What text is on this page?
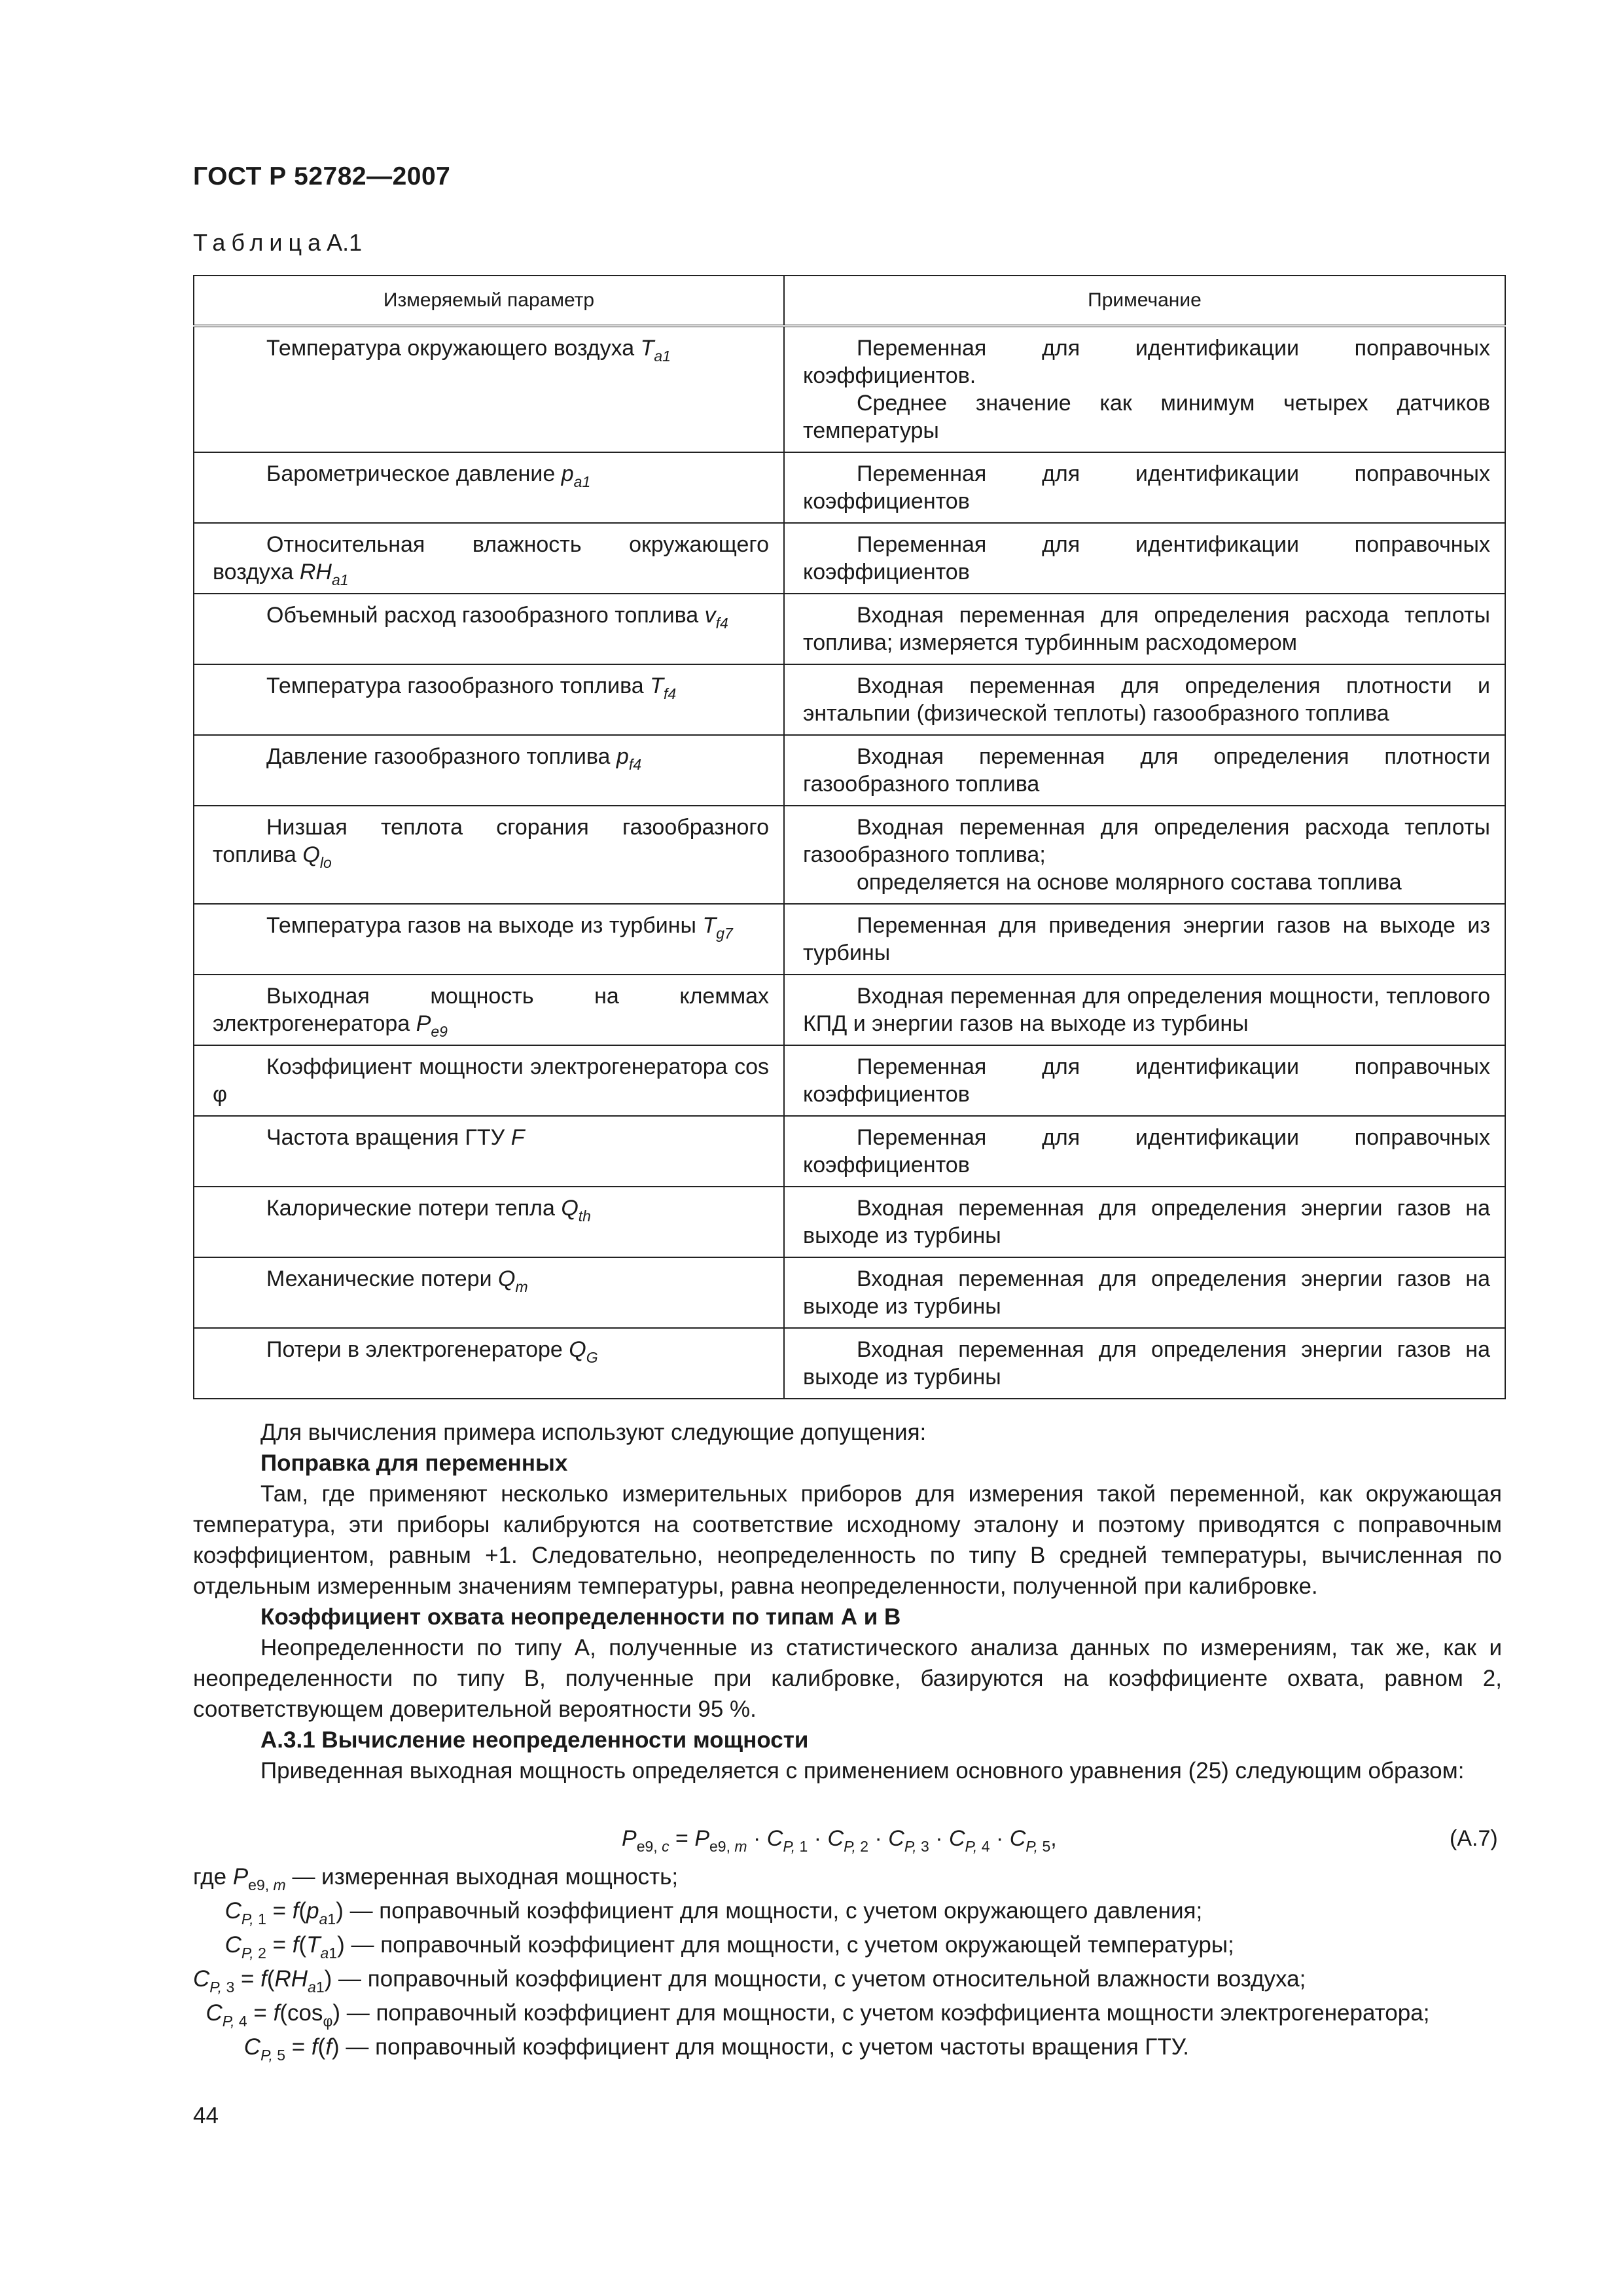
ГОСТ Р 52782—2007
ТаблицаА.1
Измеряемый параметр	Примечание

Температура окружающего воздуха $T_{a1}$	Переменная для идентификации поправочных коэффициентов.
Среднее значение как минимум четырех датчиков температуры

Барометрическое давление $p_{a1}$	Переменная для идентификации поправочных коэффициентов

Относительная влажность окружающего воздуха $RH_{a1}$	Переменная для идентификации поправочных коэффициентов

Объемный расход газообразного топлива $v_{f4}$	Входная переменная для определения расхода теплоты топлива; измеряется турбинным расходомером

Температура газообразного топлива $T_{f4}$	Входная переменная для определения плотности и энтальпии (физической теплоты) газообразного топлива

Давление газообразного топлива $p_{f4}$	Входная переменная для определения плотности газообразного топлива

Низшая теплота сгорания газообразного топлива $Q_{lo}$	Входная переменная для определения расхода теплоты газообразного топлива;
определяется на основе молярного состава топлива

Температура газов на выходе из турбины $T_{g7}$	Переменная для приведения энергии газов на выходе из турбины

Выходная мощность на клеммах электрогенератора $P_{e9}$	Входная переменная для определения мощности, теплового КПД и энергии газов на выходе из турбины

Коэффициент мощности электрогенератора cos φ	Переменная для идентификации поправочных коэффициентов

Частота вращения ГТУ F	Переменная для идентификации поправочных коэффициентов

Калорические потери тепла $Q_{th}$	Входная переменная для определения энергии газов на выходе из турбины

Механические потери $Q_m$	Входная переменная для определения энергии газов на выходе из турбины

Потери в электрогенераторе $Q_G$	Входная переменная для определения энергии газов на выходе из турбины

Для вычисления примера используют следующие допущения:

Поправка для переменных

Там, где применяют несколько измерительных приборов для измерения такой переменной, как окружающая температура, эти приборы калибруются на соответствие исходному эталону и поэтому приводятся с поправочным коэффициентом, равным +1. Следовательно, неопределенность по типу В средней температуры, вычисленная по отдельным измеренным значениям температуры, равна неопределенности, полученной при калибровке.

Коэффициент охвата неопределенности по типам А и В

Неопределенности по типу А, полученные из статистического анализа данных по измерениям, так же, как и неопределенности по типу В, полученные при калибровке, базируются на коэффициенте охвата, равном 2, соответствующем доверительной вероятности 95 %.

А.3.1 Вычисление неопределенности мощности

Приведенная выходная мощность определяется с применением основного уравнения (25) следующим образом:

$P_{e9, c} = P_{e9, m} \cdot C_{P,}$ $_1 \cdot C_{P,}$ $_2 \cdot C_{P,}$ $_3 \cdot C_{P,}$ $_4 \cdot C_{P,}$ $_5$,	(А.7)
где $P_{e9, m}$ — измеренная выходная мощность;
$C_{P,}$ $_1 = f(p_{a1})$ — поправочный коэффициент для мощности, с учетом окружающего давления;
$C_{P,}$ $_2 = f(T_{a1})$ — поправочный коэффициент для мощности, с учетом окружающей температуры;
$C_{P,}$ $_3 = f(RH_{a1})$ — поправочный коэффициент для мощности, с учетом относительной влажности воздуха;
$C_{P,}$ $_4 = f(\cos_\varphi)$ — поправочный коэффициент для мощности, с учетом коэффициента мощности электрогенератора;
$C_{P,}$ $_5$ = f(f) — поправочный коэффициент для мощности, с учетом частоты вращения ГТУ.
44
